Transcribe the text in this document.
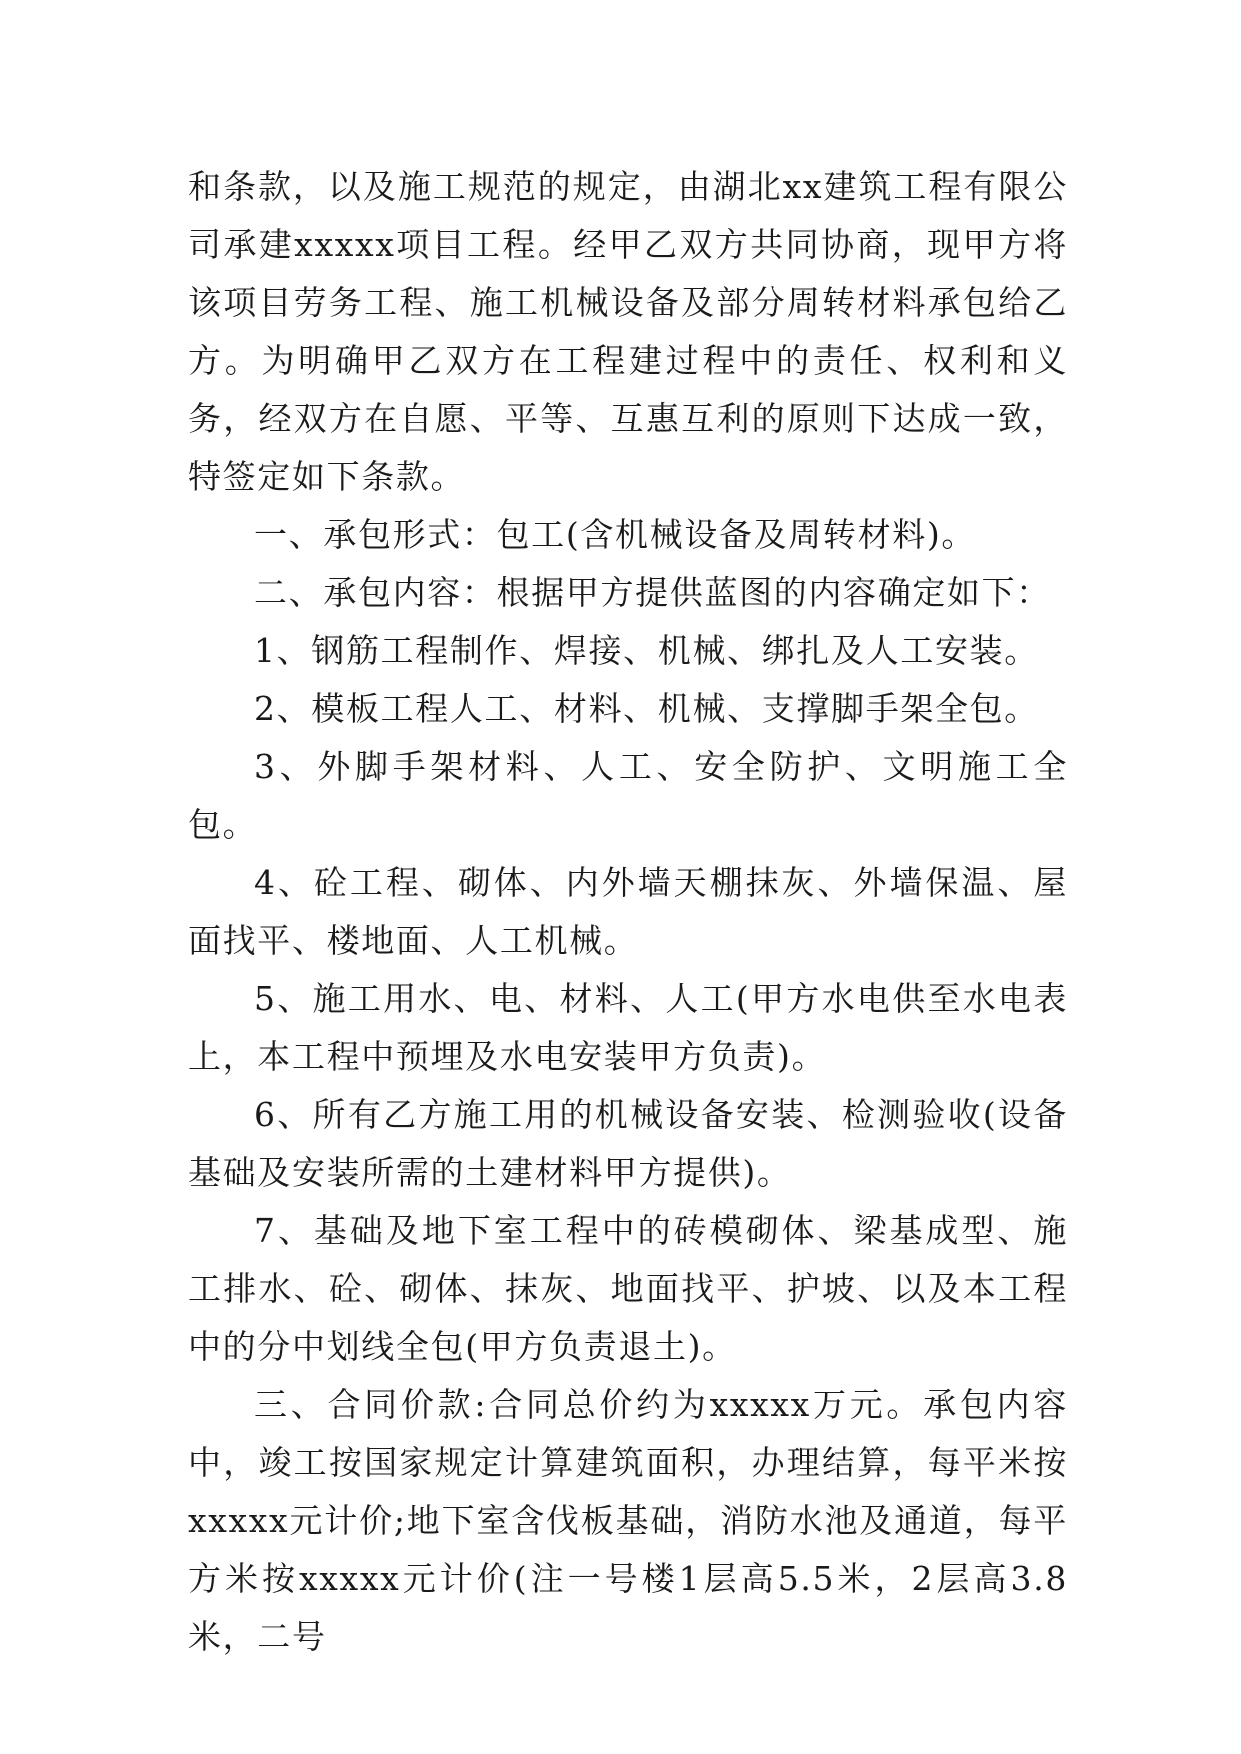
和条款，以及施工规范的规定，由湖北xx建筑工程有限公司承建xxxxx项目工程。经甲乙双方共同协商，现甲方将该项目劳务工程、施工机械设备及部分周转材料承包给乙方。为明确甲乙双方在工程建过程中的责任、权利和义务，经双方在自愿、平等、互惠互利的原则下达成一致，特签定如下条款。

一、承包形式：包工(含机械设备及周转材料)。

二、承包内容：根据甲方提供蓝图的内容确定如下：

1、钢筋工程制作、焊接、机械、绑扎及人工安装。

2、模板工程人工、材料、机械、支撑脚手架全包。

3、外脚手架材料、人工、安全防护、文明施工全包。

4、砼工程、砌体、内外墙天棚抹灰、外墙保温、屋面找平、楼地面、人工机械。

5、施工用水、电、材料、人工(甲方水电供至水电表上，本工程中预埋及水电安装甲方负责)。

6、所有乙方施工用的机械设备安装、检测验收(设备基础及安装所需的土建材料甲方提供)。

7、基础及地下室工程中的砖模砌体、梁基成型、施工排水、砼、砌体、抹灰、地面找平、护坡、以及本工程中的分中划线全包(甲方负责退土)。

三、合同价款:合同总价约为xxxxx万元。承包内容中，竣工按国家规定计算建筑面积，办理结算，每平米按xxxxx元计价;地下室含伐板基础，消防水池及通道，每平方米按xxxxx元计价(注一号楼1层高5.5米，2层高3.8米，二号
